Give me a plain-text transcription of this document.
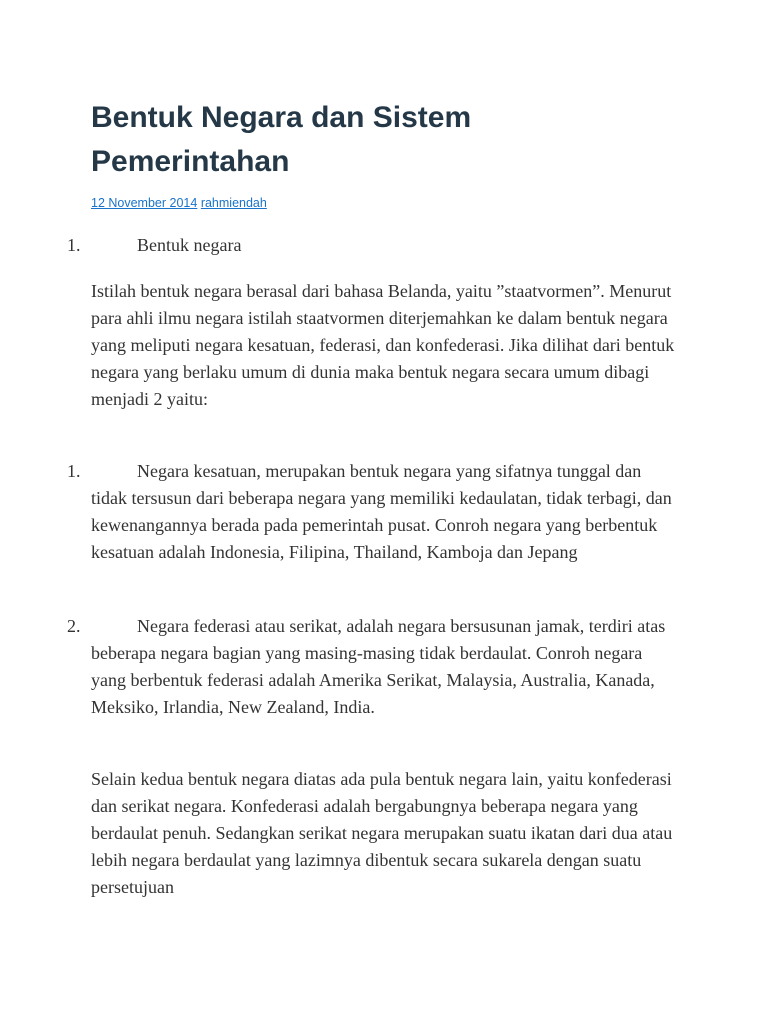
Bentuk Negara dan Sistem Pemerintahan
12 November 2014 rahmiendah
1.	Bentuk negara

Istilah bentuk negara berasal dari bahasa Belanda, yaitu ”staatvormen”. Menurut para ahli ilmu negara istilah staatvormen diterjemahkan ke dalam bentuk negara yang meliputi negara kesatuan, federasi, dan konfederasi. Jika dilihat dari bentuk negara yang berlaku umum di dunia maka bentuk negara secara umum dibagi menjadi 2 yaitu:

1.	Negara kesatuan, merupakan bentuk negara yang sifatnya tunggal dan tidak tersusun dari beberapa negara yang memiliki kedaulatan, tidak terbagi, dan kewenangannya berada pada pemerintah pusat. Conroh negara yang berbentuk kesatuan adalah Indonesia, Filipina, Thailand, Kamboja dan Jepang

2.	Negara federasi atau serikat, adalah negara bersusunan jamak, terdiri atas beberapa negara bagian yang masing-masing tidak berdaulat. Conroh negara yang berbentuk federasi adalah Amerika Serikat, Malaysia, Australia, Kanada, Meksiko, Irlandia, New Zealand, India.

Selain kedua bentuk negara diatas ada pula bentuk negara lain, yaitu konfederasi dan serikat negara. Konfederasi adalah bergabungnya beberapa negara yang berdaulat penuh. Sedangkan serikat negara merupakan suatu ikatan dari dua atau lebih negara berdaulat yang lazimnya dibentuk secara sukarela dengan suatu persetujuan
